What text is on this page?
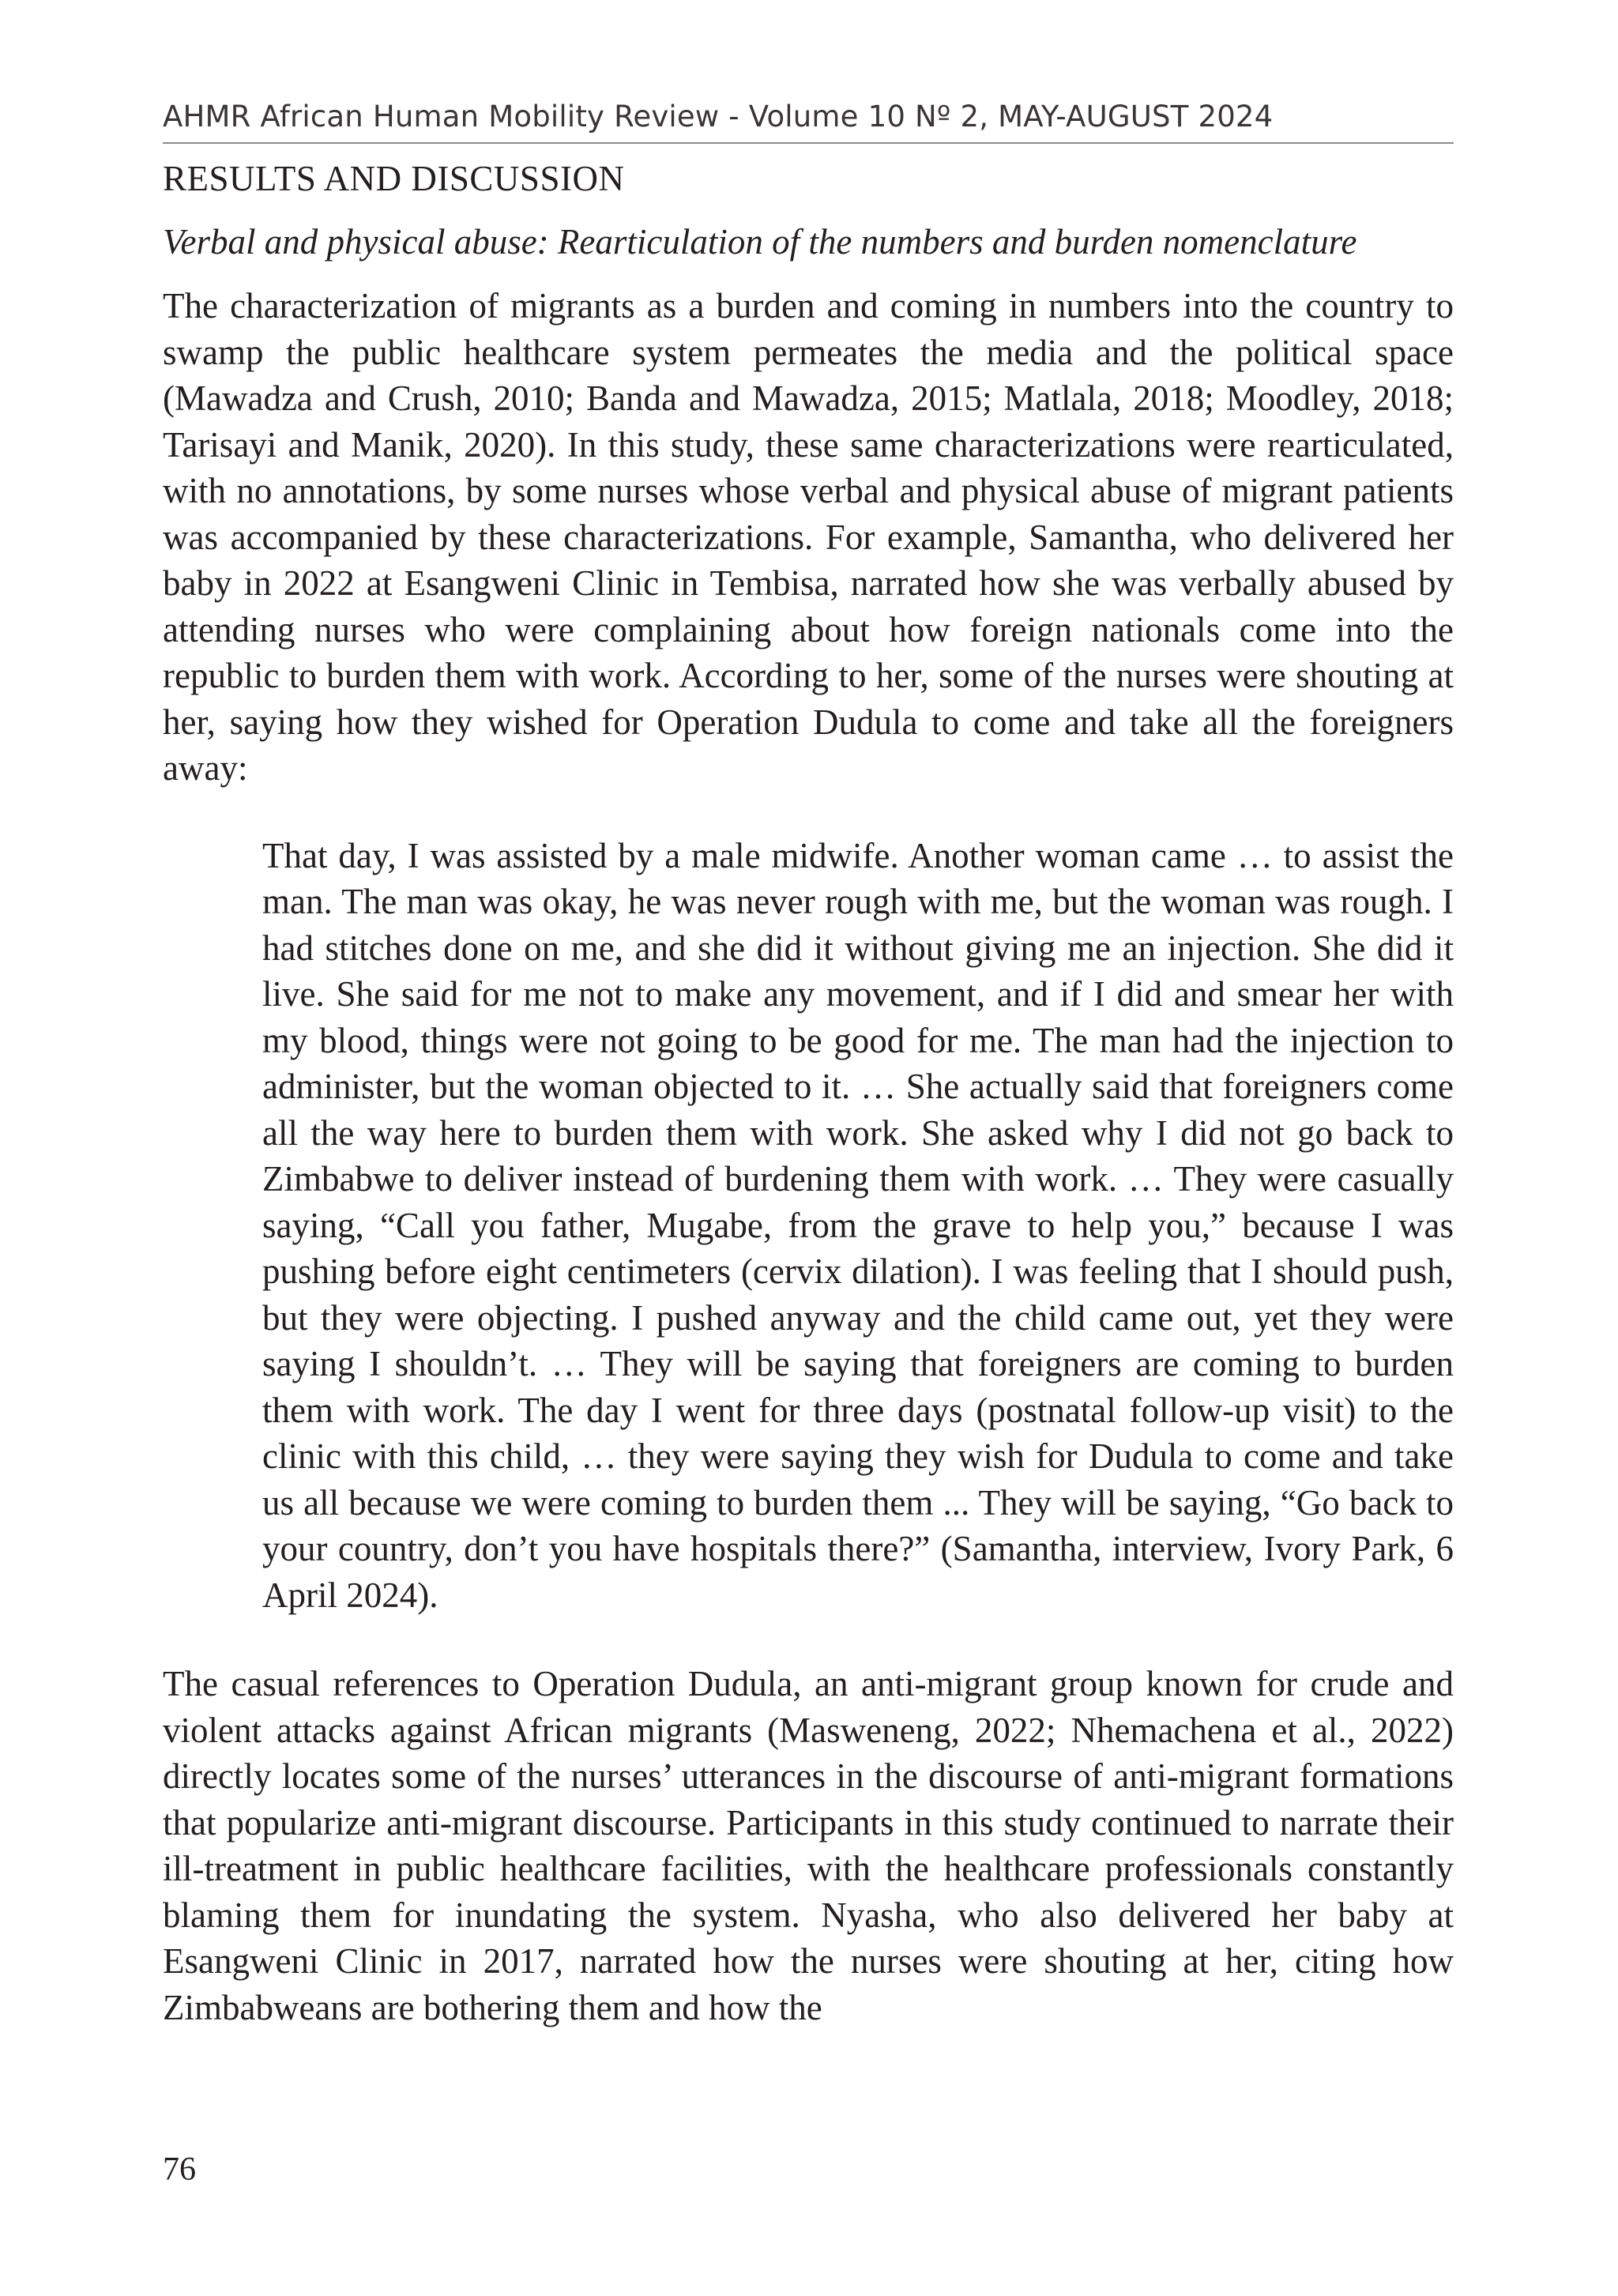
AHMR African Human Mobility Review - Volume 10 Nº 2, MAY-AUGUST 2024
RESULTS AND DISCUSSION
Verbal and physical abuse: Rearticulation of the numbers and burden nomenclature

The characterization of migrants as a burden and coming in numbers into the country to swamp the public healthcare system permeates the media and the political space (Mawadza and Crush, 2010; Banda and Mawadza, 2015; Matlala, 2018; Moodley, 2018; Tarisayi and Manik, 2020). In this study, these same characterizations were rearticulated, with no annotations, by some nurses whose verbal and physical abuse of migrant patients was accompanied by these characterizations. For example, Samantha, who delivered her baby in 2022 at Esangweni Clinic in Tembisa, narrated how she was verbally abused by attending nurses who were complaining about how foreign nationals come into the republic to burden them with work. According to her, some of the nurses were shouting at her, saying how they wished for Operation Dudula to come and take all the foreigners away:

That day, I was assisted by a male midwife. Another woman came … to assist the man. The man was okay, he was never rough with me, but the woman was rough. I had stitches done on me, and she did it without giving me an injection. She did it live. She said for me not to make any movement, and if I did and smear her with my blood, things were not going to be good for me. The man had the injection to administer, but the woman objected to it. … She actually said that foreigners come all the way here to burden them with work. She asked why I did not go back to Zimbabwe to deliver instead of burdening them with work. … They were casually saying, “Call you father, Mugabe, from the grave to help you,” because I was pushing before eight centimeters (cervix dilation). I was feeling that I should push, but they were objecting. I pushed anyway and the child came out, yet they were saying I shouldn’t. … They will be saying that foreigners are coming to burden them with work. The day I went for three days (postnatal follow-up visit) to the clinic with this child, … they were saying they wish for Dudula to come and take us all because we were coming to burden them ... They will be saying, “Go back to your country, don’t you have hospitals there?” (Samantha, interview, Ivory Park, 6 April 2024).

The casual references to Operation Dudula, an anti-migrant group known for crude and violent attacks against African migrants (Masweneng, 2022; Nhemachena et al., 2022) directly locates some of the nurses’ utterances in the discourse of anti-migrant formations that popularize anti-migrant discourse. Participants in this study continued to narrate their ill-treatment in public healthcare facilities, with the healthcare professionals constantly blaming them for inundating the system. Nyasha, who also delivered her baby at Esangweni Clinic in 2017, narrated how the nurses were shouting at her, citing how Zimbabweans are bothering them and how the

76
